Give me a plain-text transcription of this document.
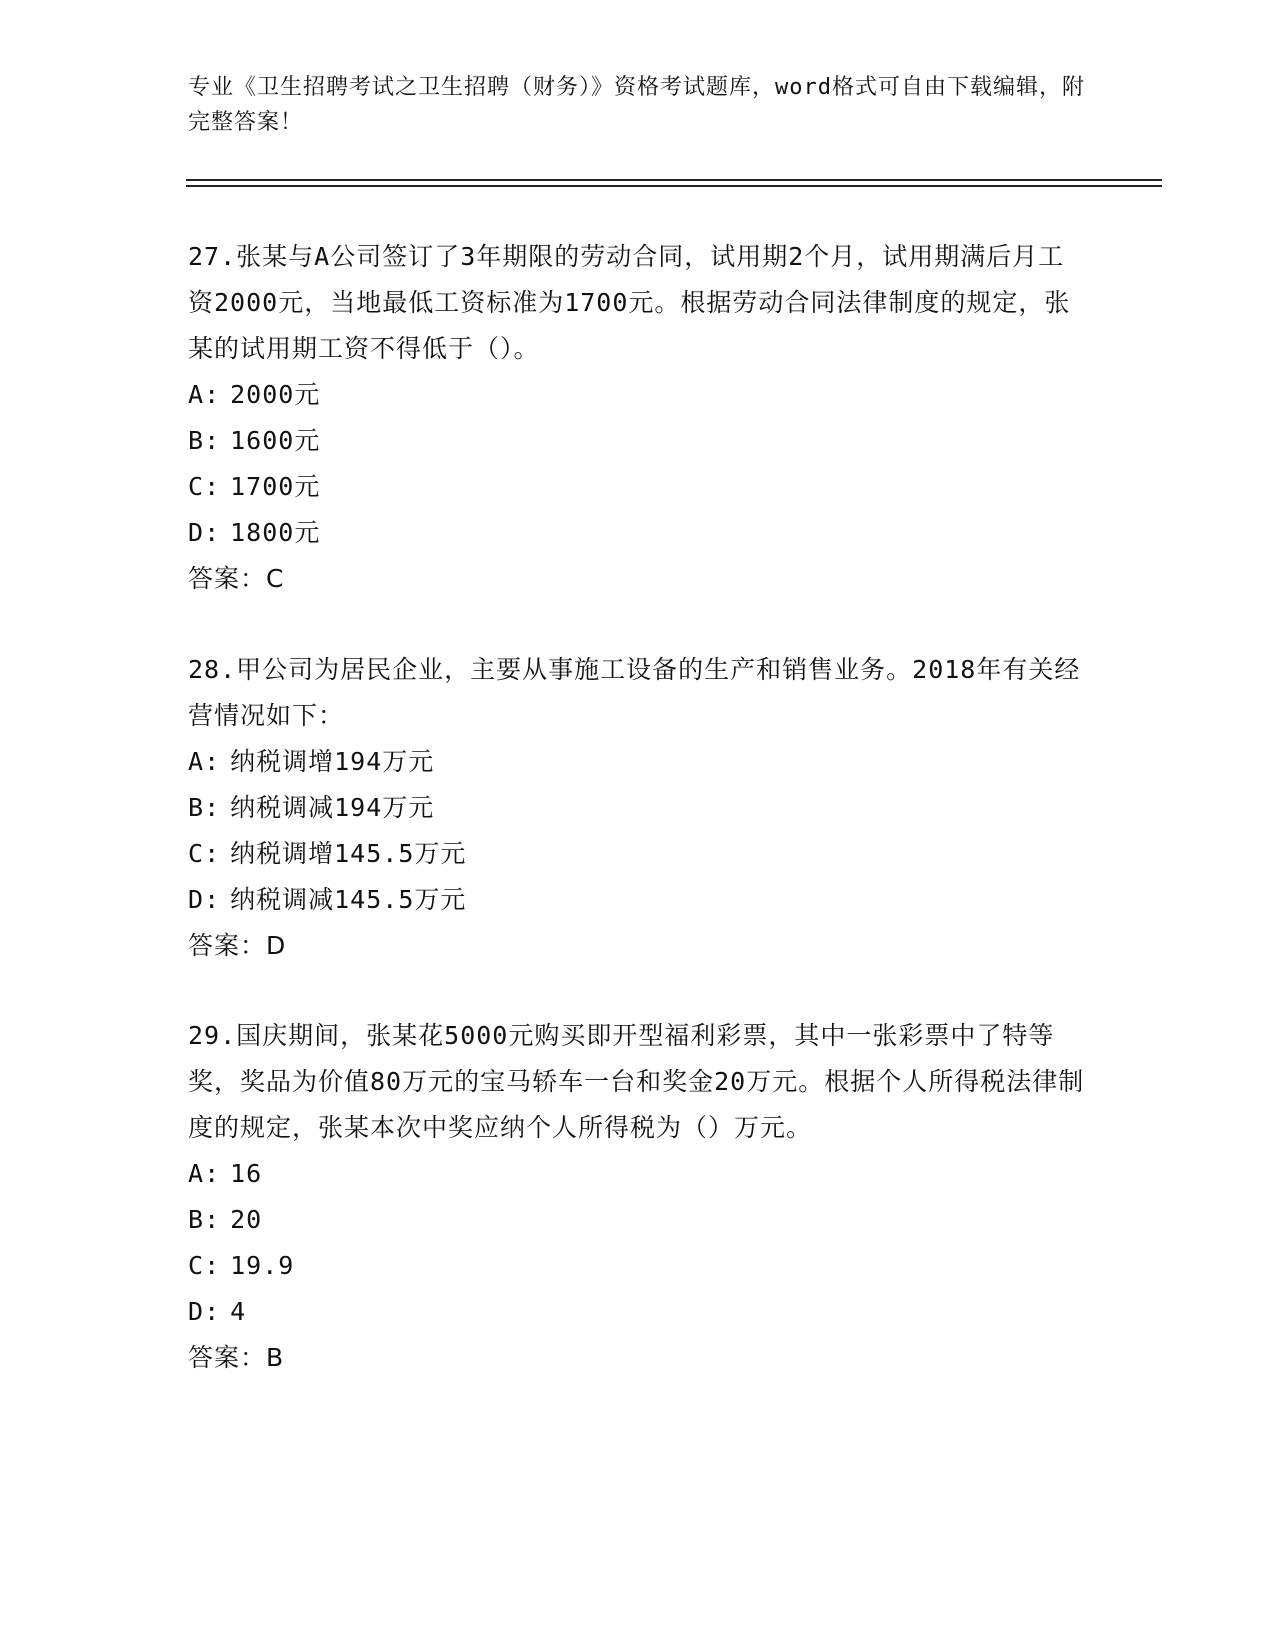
专业《卫生招聘考试之卫生招聘（财务）》资格考试题库，word格式可自由下载编辑，附完整答案！

27.张某与A公司签订了3年期限的劳动合同，试用期2个月，试用期满后月工资2000元，当地最低工资标准为1700元。根据劳动合同法律制度的规定，张某的试用期工资不得低于（）。

A: 2000元

B: 1600元

C: 1700元

D: 1800元

答案：C

28.甲公司为居民企业，主要从事施工设备的生产和销售业务。2018年有关经营情况如下：

A: 纳税调增194万元

B: 纳税调减194万元

C: 纳税调增145.5万元

D: 纳税调减145.5万元

答案：D

29.国庆期间，张某花5000元购买即开型福利彩票，其中一张彩票中了特等奖，奖品为价值80万元的宝马轿车一台和奖金20万元。根据个人所得税法律制度的规定，张某本次中奖应纳个人所得税为（）万元。

A: 16

B: 20

C: 19.9

D: 4

答案：B
